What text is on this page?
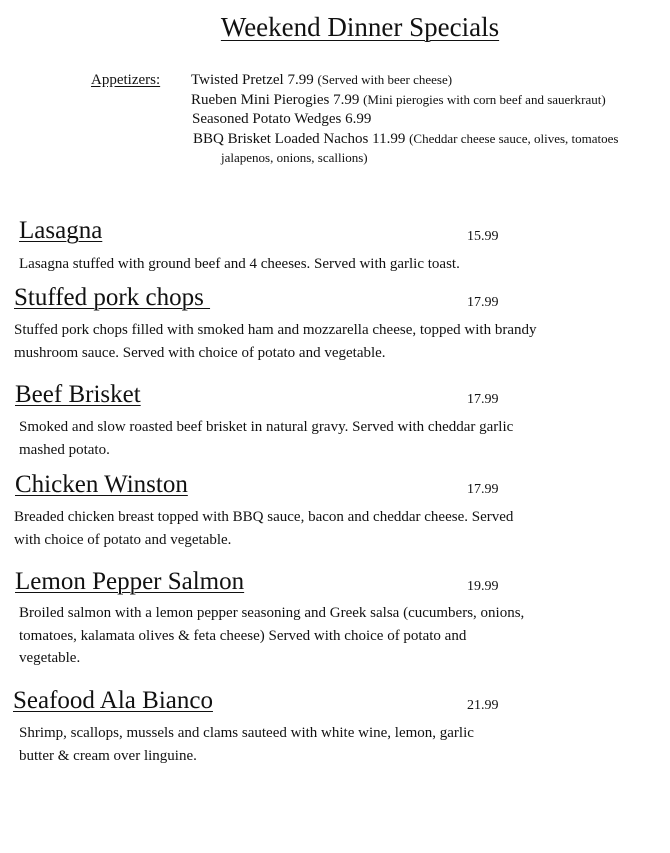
Weekend Dinner Specials
Appetizers: Twisted Pretzel 7.99 (Served with beer cheese)
Rueben Mini Pierogies 7.99 (Mini pierogies with corn beef and sauerkraut)
Seasoned Potato Wedges 6.99
BBQ Brisket Loaded Nachos 11.99 (Cheddar cheese sauce, olives, tomatoes
jalapenos, onions, scallions)
Lasagna	15.99
Lasagna stuffed with ground beef and 4 cheeses. Served with garlic toast.
Stuffed pork chops	17.99
Stuffed pork chops filled with smoked ham and mozzarella cheese, topped with brandy
mushroom sauce. Served with choice of potato and vegetable.
Beef Brisket	17.99
Smoked and slow roasted beef brisket in natural gravy. Served with cheddar garlic
mashed potato.
Chicken Winston	17.99
Breaded chicken breast topped with BBQ sauce, bacon and cheddar cheese. Served
with choice of potato and vegetable.
Lemon Pepper Salmon	19.99
Broiled salmon with a lemon pepper seasoning and Greek salsa (cucumbers, onions,
tomatoes, kalamata olives & feta cheese) Served with choice of potato and
vegetable.
Seafood Ala Bianco	21.99
Shrimp, scallops, mussels and clams sauteed with white wine, lemon, garlic
butter & cream over linguine.
